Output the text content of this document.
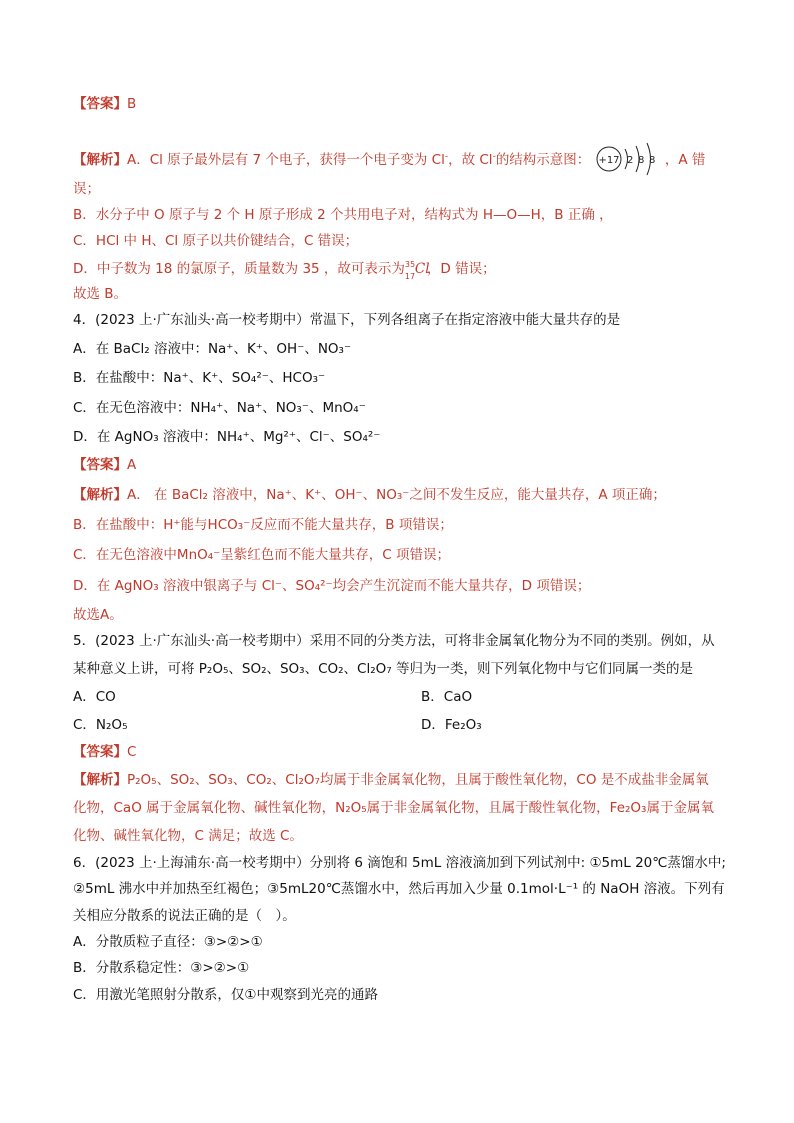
【答案】B
【解析】A．Cl 原子最外层有 7 个电子，获得一个电子变为 Cl-，故 Cl-的结构示意图： +17 2 8 8 ，A 错
误；
B．水分子中 O 原子与 2 个 H 原子形成 2 个共用电子对，结构式为 H—O—H，B 正确 ，
C．HCl 中 H、Cl 原子以共价键结合，C 错误；
D．中子数为 18 的氯原子，质量数为 35 ，故可表示为 35
17 Cl
，D 错误；
故选 B。
4．(2023 上·广东汕头·高一校考期中）常温下，下列各组离子在指定溶液中能大量共存的是
A．在 BaCl₂ 溶液中：Na⁺、K⁺、OH⁻、NO₃⁻
B．在盐酸中：Na⁺、K⁺、SO₄²⁻、HCO₃⁻
C．在无色溶液中：NH₄⁺、Na⁺、NO₃⁻、MnO₄⁻
D．在 AgNO₃ 溶液中：NH₄⁺、Mg²⁺、Cl⁻、SO₄²⁻
【答案】A
【解析】A． 在 BaCl₂ 溶液中，Na⁺、K⁺、OH⁻、NO₃⁻之间不发生反应，能大量共存，A 项正确；
B．在盐酸中：H⁺能与HCO₃⁻反应而不能大量共存，B 项错误；
C．在无色溶液中MnO₄⁻呈紫红色而不能大量共存，C 项错误；
D．在 AgNO₃ 溶液中银离子与 Cl⁻、SO₄²⁻均会产生沉淀而不能大量共存，D 项错误；
故选A。
5．(2023 上·广东汕头·高一校考期中）采用不同的分类方法，可将非金属氧化物分为不同的类别。例如，从
某种意义上讲，可将 P₂O₅、SO₂、SO₃、CO₂、Cl₂O₇ 等归为一类，则下列氧化物中与它们同属一类的是
A．CO	B．CaO
C．N₂O₅	D．Fe₂O₃
【答案】C
【解析】P₂O₅、SO₂、SO₃、CO₂、Cl₂O₇均属于非金属氧化物，且属于酸性氧化物，CO 是不成盐非金属氧
化物，CaO 属于金属氧化物、碱性氧化物，N₂O₅属于非金属氧化物，且属于酸性氧化物，Fe₂O₃属于金属氧
化物、碱性氧化物，C 满足；故选 C。
6．(2023 上·上海浦东·高一校考期中）分别将 6 滴饱和 5mL 溶液滴加到下列试剂中: ①5mL 20℃蒸馏水中;
②5mL 沸水中并加热至红褐色；③5mL20℃蒸馏水中，然后再加入少量 0.1mol·L⁻¹ 的 NaOH 溶液。下列有
关相应分散系的说法正确的是（　）。
A．分散质粒子直径：③>②>①
B．分散系稳定性：③>②>①
C．用激光笔照射分散系，仅①中观察到光亮的通路
